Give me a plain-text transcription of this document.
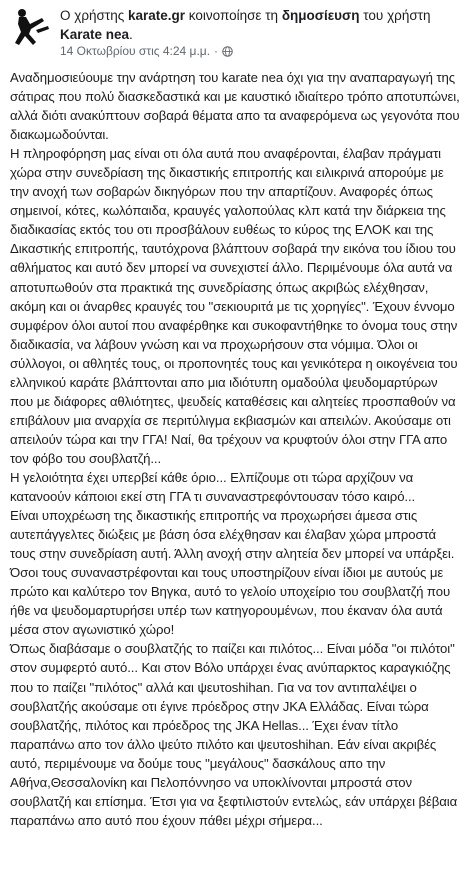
Ο χρήστης karate.gr κοινοποίησε τη δημοσίευση του χρήστη Karate nea.
14 Οκτωβρίου στις 4:24 μ.μ. ·

Αναδημοσιεύουμε την ανάρτηση του karate nea όχι για την αναπαραγωγή της σάτιρας που πολύ διασκεδαστικά και με καυστικό ιδιαίτερο τρόπο αποτυπώνει, αλλά διότι ανακύπτουν σοβαρά θέματα απο τα αναφερόμενα ως γεγονότα που διακωμωδούνται.

Η πληροφόρηση μας είναι οτι όλα αυτά που αναφέρονται, έλαβαν πράγματι χώρα στην συνεδρίαση της δικαστικής επιτροπής και ειλικρινά απορούμε με την ανοχή των σοβαρών δικηγόρων που την απαρτίζουν. Αναφορές όπως σημεινοί, κότες, κωλόπαιδα, κραυγές γαλοπούλας κλπ κατά την διάρκεια της διαδικασίας εκτός του οτι προσβάλουν ευθέως το κύρος της ΕΛΟΚ και της Δικαστικής επιτροπής, ταυτόχρονα βλάπτουν σοβαρά την εικόνα του ίδιου του αθλήματος και αυτό δεν μπορεί να συνεχιστεί άλλο. Περιμένουμε όλα αυτά να αποτυπωθούν στα πρακτικά της συνεδρίασης όπως ακριβώς ελέχθησαν, ακόμη και οι άναρθες κραυγές του "σεκιουριτά με τις χορηγίες". Έχουν έννομο συμφέρον όλοι αυτοί που αναφέρθηκε και συκοφαντήθηκε το όνομα τους στην διαδικασία, να λάβουν γνώση και να προχωρήσουν στα νόμιμα. Όλοι οι σύλλογοι, οι αθλητές τους, οι προπονητές τους και γενικότερα η οικογένεια του ελληνικού καράτε βλάπτονται απο μια ιδιότυπη ομαδούλα ψευδομαρτύρων που με διάφορες αθλιότητες, ψευδείς καταθέσεις και αλητείες προσπαθούν να επιβάλουν μια αναρχία σε περιτύλιγμα εκβιασμών και απειλών. Ακούσαμε οτι απειλούν τώρα και την ΓΓΑ! Ναί, θα τρέχουν να κρυφτούν όλοι στην ΓΓΑ απο τον φόβο του σουβλατζή...

Η γελοιότητα έχει υπερβεί κάθε όριο... Ελπίζουμε οτι τώρα αρχίζουν να κατανοούν κάποιοι εκεί στη ΓΓΑ τι συναναστρεφόντουσαν τόσο καιρό...

Είναι υποχρέωση της δικαστικής επιτροπής να προχωρήσει άμεσα στις αυτεπάγγελτες διώξεις με βάση όσα ελέχθησαν και έλαβαν χώρα μπροστά τους στην συνεδρίαση αυτή. Άλλη ανοχή στην αλητεία δεν μπορεί να υπάρξει. Όσοι τους συναναστρέφονται και τους υποστηρίζουν είναι ίδιοι με αυτούς με πρώτο και καλύτερο τον Βηγκα, αυτό το γελοίο υποχείριο του σουβλατζή που ήθε να ψευδομαρτυρήσει υπέρ των κατηγορουμένων, που έκαναν όλα αυτά μέσα στον αγωνιστικό χώρο!

Όπως διαβάσαμε ο σουβλατζής το παίζει και πιλότος... Είναι μόδα "οι πιλότοι" στον συμφερτό αυτό... Και στον Βόλο υπάρχει ένας ανύπαρκτος καραγκιόζης που το παίζει "πιλότος" αλλά και ψευτοshihan. Για να τον αντιπαλέψει ο σουβλατζής ακούσαμε οτι έγινε πρόεδρος στην JKA Ελλάδας. Είναι τώρα σουβλατζής, πιλότος και πρόεδρος της JKA Hellas... Έχει έναν τίτλο παραπάνω απο τον άλλο ψεύτο πιλότο και ψευτοshihan. Εάν είναι ακριβές αυτό, περιμένουμε να δούμε τους "μεγάλους" δασκάλους απο την Αθήνα,Θεσσαλονίκη και Πελοπόννησο να υποκλίνονται μπροστά στον σουβλατζή και επίσημα. Έτσι για να ξεφτιλιστούν εντελώς, εάν υπάρχει βέβαια παραπάνω απο αυτό που έχουν πάθει μέχρι σήμερα...
